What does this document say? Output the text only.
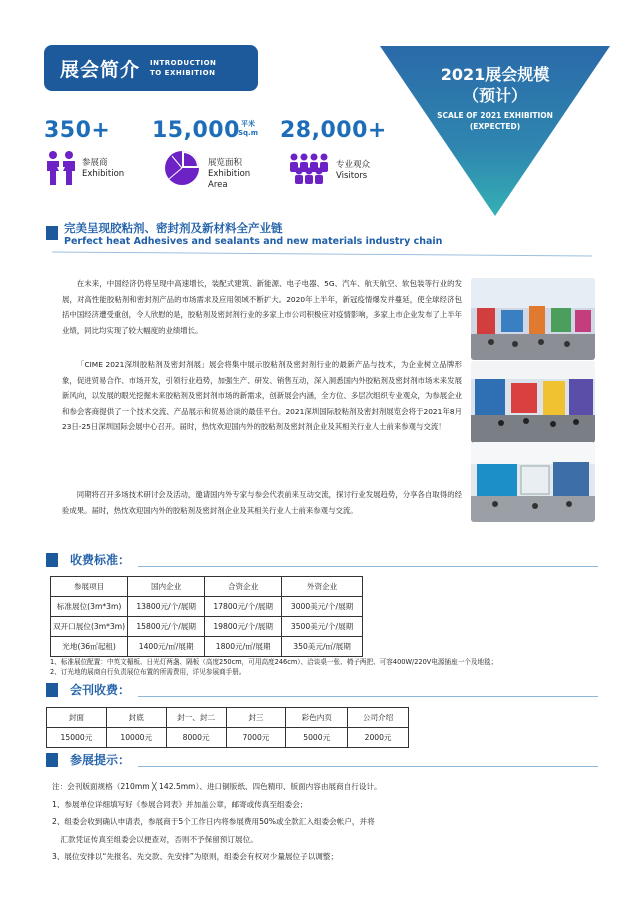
展会简介 INTRODUCTION
TO EXHIBITION	2021展会规模
（预计）
SCALE OF 2021 EXHIBITION
(EXPECTED)
350+ 15,000 平米
Sq.m 28,000+
参展商
Exhibition
展览面积
Exhibition
Area
专业观众
Visitors
完美呈现胶粘剂、密封剂及新材料全产业链
Perfect heat Adhesives and sealants and new materials industry chain
在未来，中国经济仍将呈现中高速增长，装配式建筑、新能源、电子电器、5G、汽车、航天航空、软包装等行业的发展，对高性能胶粘剂和密封剂产品的市场需求及应用领域不断扩大。2020年上半年，新冠疫情爆发并蔓延，使全球经济包括中国经济遭受重创，令人欣慰的是，胶粘剂及密封剂行业的多家上市公司积极应对疫情影响，多家上市企业发布了上半年业绩，同比均实现了较大幅度的业绩增长。
「CIME 2021深圳胶粘剂及密封剂展」展会将集中展示胶粘剂及密封剂行业的最新产品与技术，为企业树立品牌形象，促进贸易合作、市场开发，引领行业趋势，加强生产、研发、销售互动，深入洞悉国内外胶粘剂及密封剂市场未来发展新风向，以发展的眼光挖掘未来胶粘剂及密封剂市场的新需求，创新展会内涵，全方位、多层次组织专业观众，为参展企业和参会客商提供了一个技术交流、产品展示和贸易洽谈的最佳平台。2021深圳国际胶粘剂及密封剂展览会将于2021年8月23日-25日深圳国际会展中心召开。届时，热忱欢迎国内外的胶粘剂及密封剂企业及其相关行业人士前来参观与交流！
同期将召开多场技术研讨会及活动，邀请国内外专家与参会代表前来互动交流，探讨行业发展趋势，分享各自取得的经验成果。届时，热忱欢迎国内外的胶粘剂及密封剂企业及其相关行业人士前来参观与交流。
收费标准：
参展项目	国内企业	合资企业	外资企业
标准展位(3m*3m)	13800元/个/展期	17800元/个/展期	3000美元/个/展期
双开口展位(3m*3m)	15800元/个/展期	19800元/个/展期	3500美元/个/展期
光地(36㎡起租)	1400元/㎡/展期	1800元/㎡/展期	350美元/㎡/展期
1、标准展位配置：中英文楣板、日光灯两盏、隔板（高度250cm，可用高度246cm）、洽谈桌一张、椅子两把、可容400W/220V电源插座一个及地毯；
2、订光地的展商自行负责展位布置的所需费用，详见参展商手册。
会刊收费：
封面	封底	封一、封二	封三	彩色内页	公司介绍
15000元	10000元	8000元	7000元	5000元	2000元
参展提示：
注：会刊版面规格（210mm ╳ 142.5mm）、进口铜版纸、四色精印、版面内容由展商自行设计。
1、参展单位详细填写好《参展合同表》并加盖公章，邮寄或传真至组委会；
2、组委会收到确认申请表，参展商于5个工作日内将参展费用50%或全款汇入组委会帐户，并将
汇款凭证传真至组委会以便查对，否则不予保留预订展位。
3、展位安排以“先报名、先交款、先安排”为原则，组委会有权对少量展位子以调整；
